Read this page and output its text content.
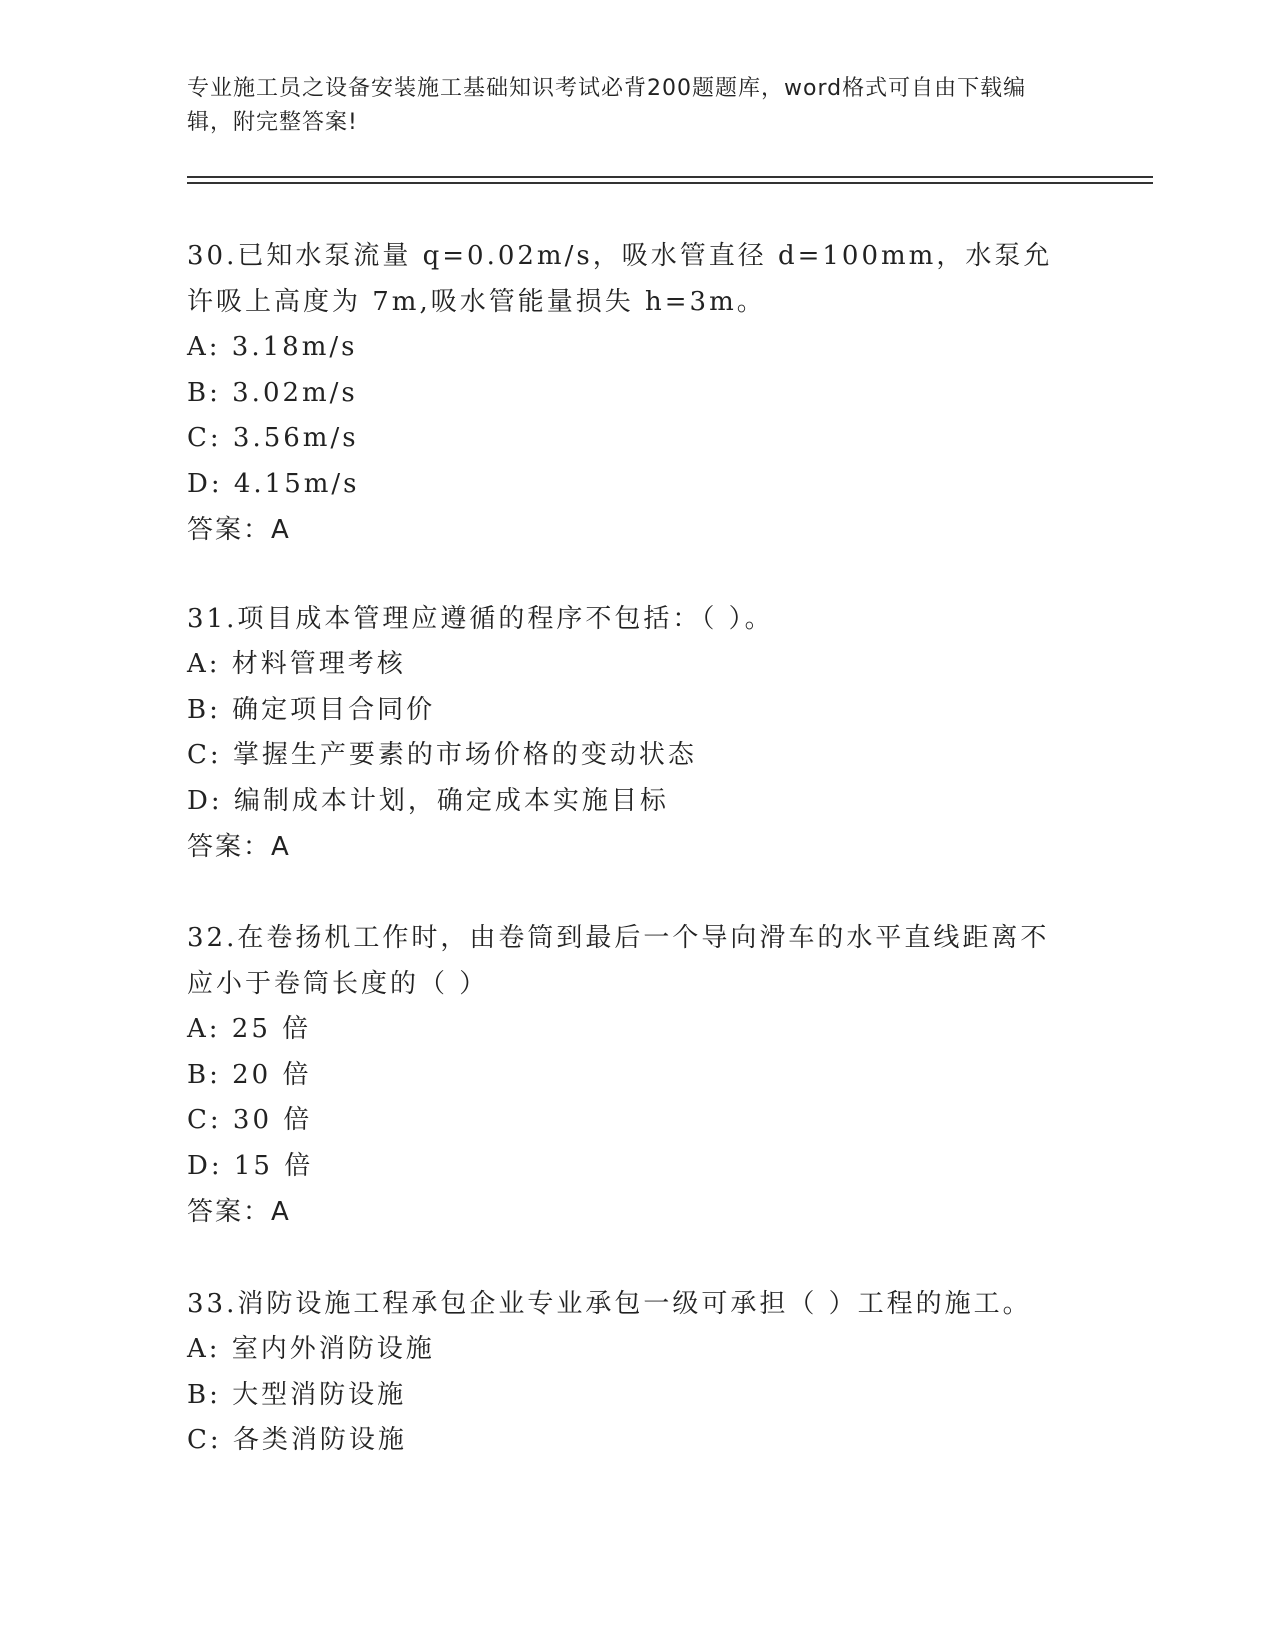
专业施工员之设备安装施工基础知识考试必背200题题库，word格式可自由下载编辑，附完整答案!

30.已知水泵流量 q=0.02m/s，吸水管直径 d=100mm，水泵允许吸上高度为 7m,吸水管能量损失 h=3m。

A: 3.18m/s

B: 3.02m/s

C: 3.56m/s

D: 4.15m/s

答案：A

31.项目成本管理应遵循的程序不包括：（ ）。

A: 材料管理考核

B: 确定项目合同价

C: 掌握生产要素的市场价格的变动状态

D: 编制成本计划，确定成本实施目标

答案：A

32.在卷扬机工作时，由卷筒到最后一个导向滑车的水平直线距离不应小于卷筒长度的（ ）

A: 25 倍

B: 20 倍

C: 30 倍

D: 15 倍

答案：A

33.消防设施工程承包企业专业承包一级可承担（ ）工程的施工。

A: 室内外消防设施

B: 大型消防设施

C: 各类消防设施
